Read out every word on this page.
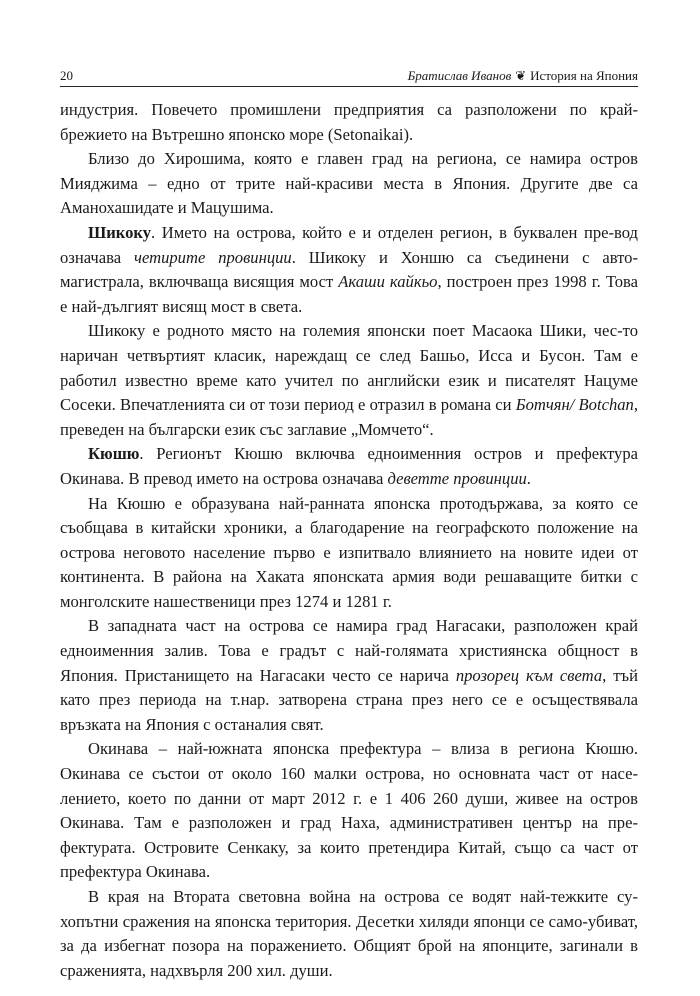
20	Братислав Иванов ❦ История на Япония

индустрия. Повечето промишлени предприятия са разположени по край-
брежието на Вътрешно японско море (Setonaikai).

Близо до Хирошима, която е главен град на региона, се намира остров
Мияджима – едно от трите най-красиви места в Япония. Другите две са
Аманохашидате и Мацушима.

Шикоку. Името на острова, който е и отделен регион, в буквален пре-вод означава четирите провинции. Шикоку и Хоншю са съединени с авто-магистрала, включваща висящия мост Акаши кайкьо, построен през 1998 г. Това е най-дългият висящ мост в света.

Шикоку е родното място на големия японски поет Масаока Шики, чес-то наричан четвъртият класик, нареждащ се след Башьо, Исса и Бусон. Там е работил известно време като учител по английски език и писателят Нацуме Сосеки. Впечатленията си от този период е отразил в романа си Ботчян/ Botchan, преведен на български език със заглавие „Момчето“.

Кюшю. Регионът Кюшю включва едноименния остров и префектура Окинава. В превод името на острова означава деветте провинции.

На Кюшю е образувана най-ранната японска протодържава, за която се съобщава в китайски хроники, а благодарение на географското положение на острова неговото население първо е изпитвало влиянието на новите идеи от континента. В района на Хаката японската армия води решаващите битки с монголските нашественици през 1274 и 1281 г.

В западната част на острова се намира град Нагасаки, разположен край едноименния залив. Това е градът с най-голямата християнска общност в Япония. Пристанището на Нагасаки често се нарича прозорец към света, тъй като през периода на т.нар. затворена страна през него се е осъществявала връзката на Япония с останалия свят.

Окинава – най-южната японска префектура – влиза в региона Кюшю. Окинава се състои от около 160 малки острова, но основната част от насе-лението, което по данни от март 2012 г. е 1 406 260 души, живее на остров Окинава. Там е разположен и град Наха, административен център на пре-фектурата. Островите Сенкаку, за които претендира Китай, също са част от префектура Окинава.

В края на Втората световна война на острова се водят най-тежките су-хопътни сражения на японска територия. Десетки хиляди японци се само-убиват, за да избегнат позора на поражението. Общият брой на японците, загинали в сраженията, надхвърля 200 хил. души.
